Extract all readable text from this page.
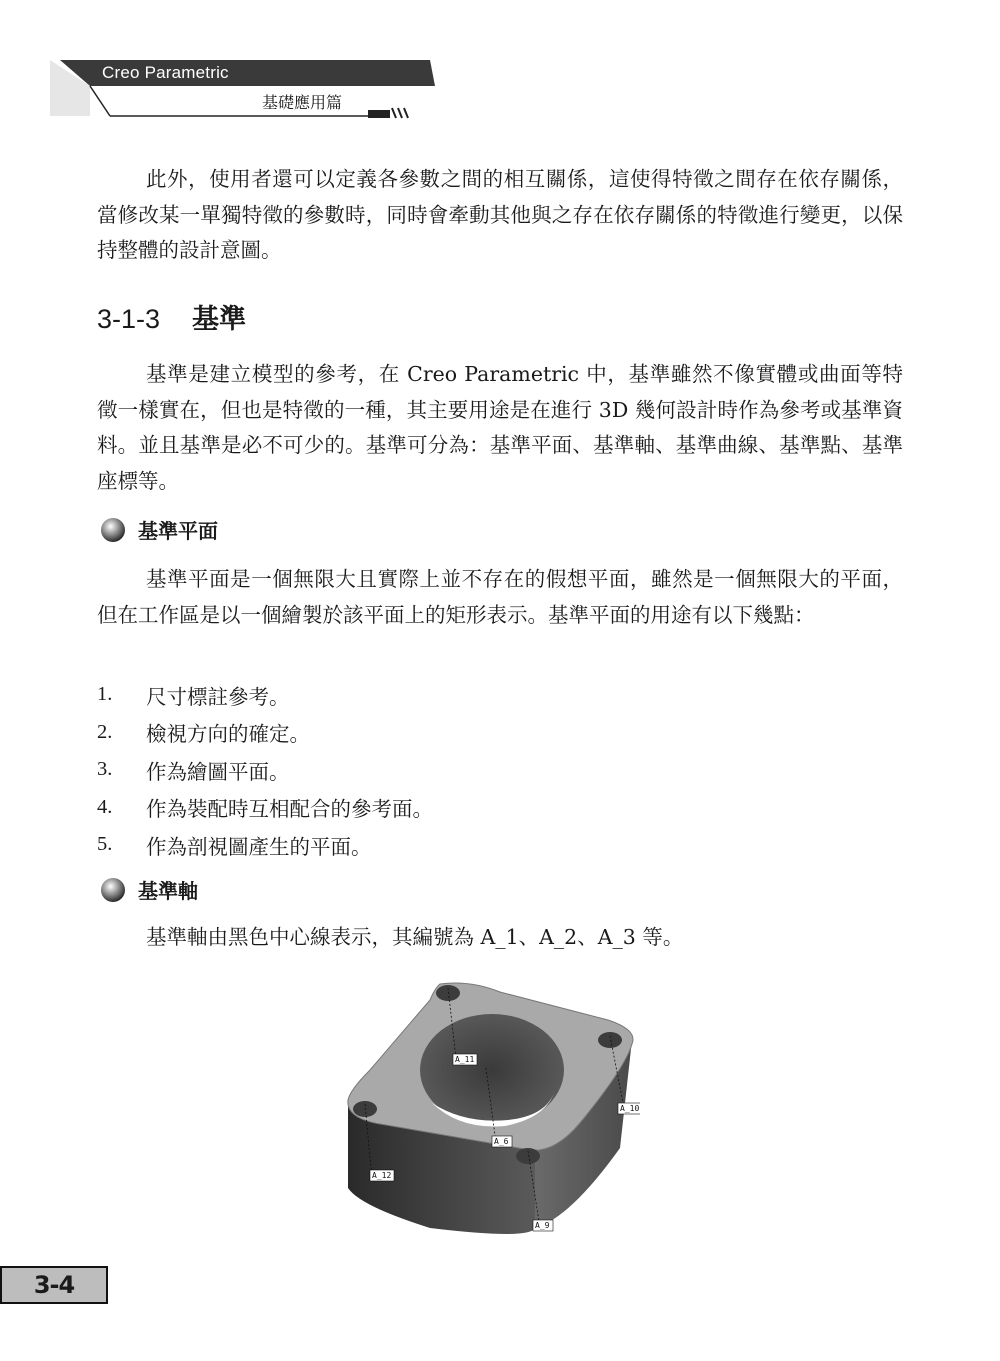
Creo Parametric
基礎應用篇

此外，使用者還可以定義各參數之間的相互關係，這使得特徵之間存在依存關係，當修改某一單獨特徵的參數時，同時會牽動其他與之存在依存關係的特徵進行變更，以保持整體的設計意圖。

3-1-3 基準

基準是建立模型的參考，在 Creo Parametric 中，基準雖然不像實體或曲面等特徵一樣實在，但也是特徵的一種，其主要用途是在進行 3D 幾何設計時作為參考或基準資料。並且基準是必不可少的。基準可分為：基準平面、基準軸、基準曲線、基準點、基準座標等。

基準平面

基準平面是一個無限大且實際上並不存在的假想平面，雖然是一個無限大的平面，但在工作區是以一個繪製於該平面上的矩形表示。基準平面的用途有以下幾點：

1.	尺寸標註參考。
2.	檢視方向的確定。
3.	作為繪圖平面。
4.	作為裝配時互相配合的參考面。
5.	作為剖視圖產生的平面。
基準軸

基準軸由黑色中心線表示，其編號為 A_1、A_2、A_3 等。

A_11
A_10
A_6
A_12
A_9
3-4
